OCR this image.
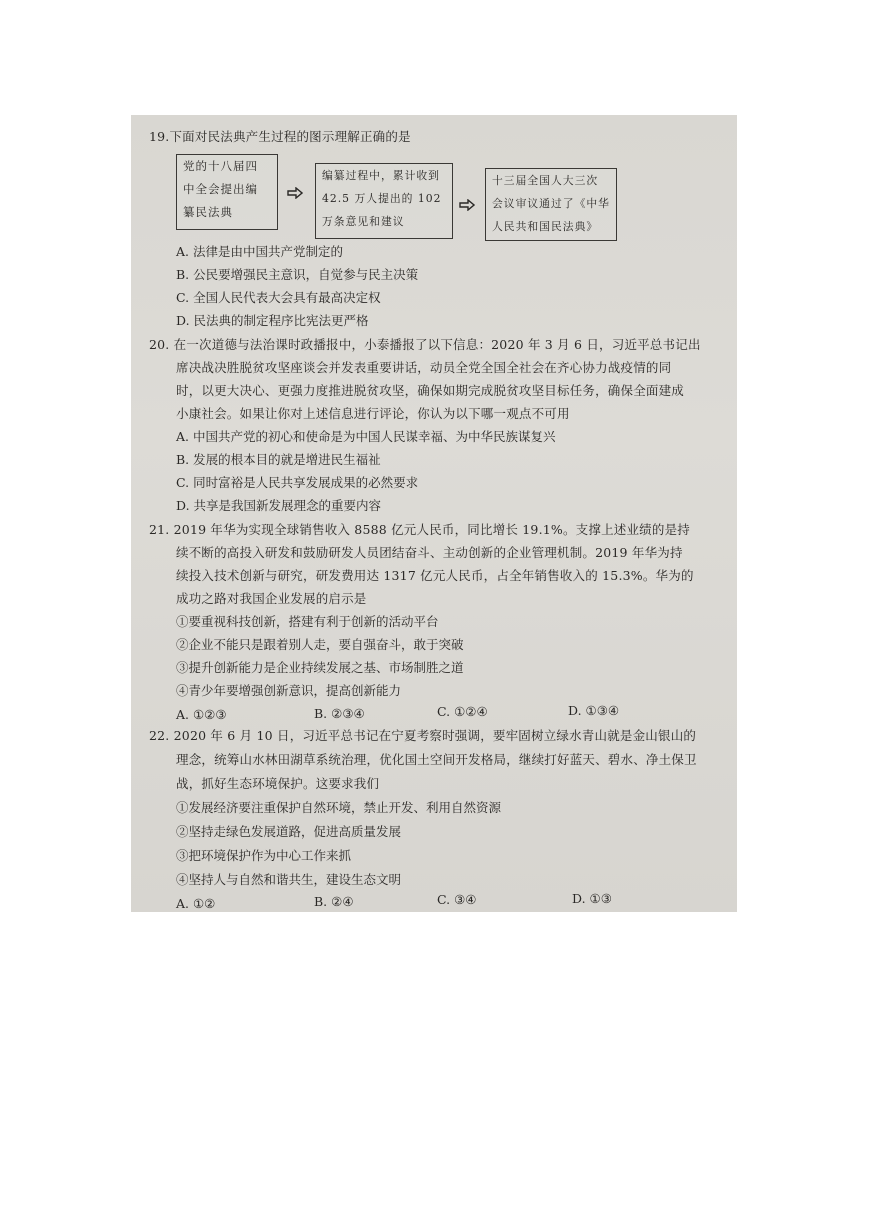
19.下面对民法典产生过程的图示理解正确的是
党的十八届四
中全会提出编
纂民法典
编纂过程中，累计收到
42.5 万人提出的 102
万条意见和建议
十三届全国人大三次
会议审议通过了《中华
人民共和国民法典》
A. 法律是由中国共产党制定的
B. 公民要增强民主意识，自觉参与民主决策
C. 全国人民代表大会具有最高决定权
D. 民法典的制定程序比宪法更严格
20. 在一次道德与法治课时政播报中，小泰播报了以下信息：2020 年 3 月 6 日，习近平总书记出
席决战决胜脱贫攻坚座谈会并发表重要讲话，动员全党全国全社会在齐心协力战疫情的同
时，以更大决心、更强力度推进脱贫攻坚，确保如期完成脱贫攻坚目标任务，确保全面建成
小康社会。如果让你对上述信息进行评论，你认为以下哪一观点不可用
A. 中国共产党的初心和使命是为中国人民谋幸福、为中华民族谋复兴
B. 发展的根本目的就是增进民生福祉
C. 同时富裕是人民共享发展成果的必然要求
D. 共享是我国新发展理念的重要内容
21. 2019 年华为实现全球销售收入 8588 亿元人民币，同比增长 19.1%。支撑上述业绩的是持
续不断的高投入研发和鼓励研发人员团结奋斗、主动创新的企业管理机制。2019 年华为持
续投入技术创新与研究，研发费用达 1317 亿元人民币，占全年销售收入的 15.3%。华为的
成功之路对我国企业发展的启示是
①要重视科技创新，搭建有利于创新的活动平台
②企业不能只是跟着别人走，要自强奋斗，敢于突破
③提升创新能力是企业持续发展之基、市场制胜之道
④青少年要增强创新意识，提高创新能力
A. ①②③	B. ②③④	C. ①②④	D. ①③④
22. 2020 年 6 月 10 日，习近平总书记在宁夏考察时强调，要牢固树立绿水青山就是金山银山的
理念，统筹山水林田湖草系统治理，优化国土空间开发格局，继续打好蓝天、碧水、净土保卫
战，抓好生态环境保护。这要求我们
①发展经济要注重保护自然环境，禁止开发、利用自然资源
②坚持走绿色发展道路，促进高质量发展
③把环境保护作为中心工作来抓
④坚持人与自然和谐共生，建设生态文明
A. ①②	B. ②④	C. ③④	D. ①③
